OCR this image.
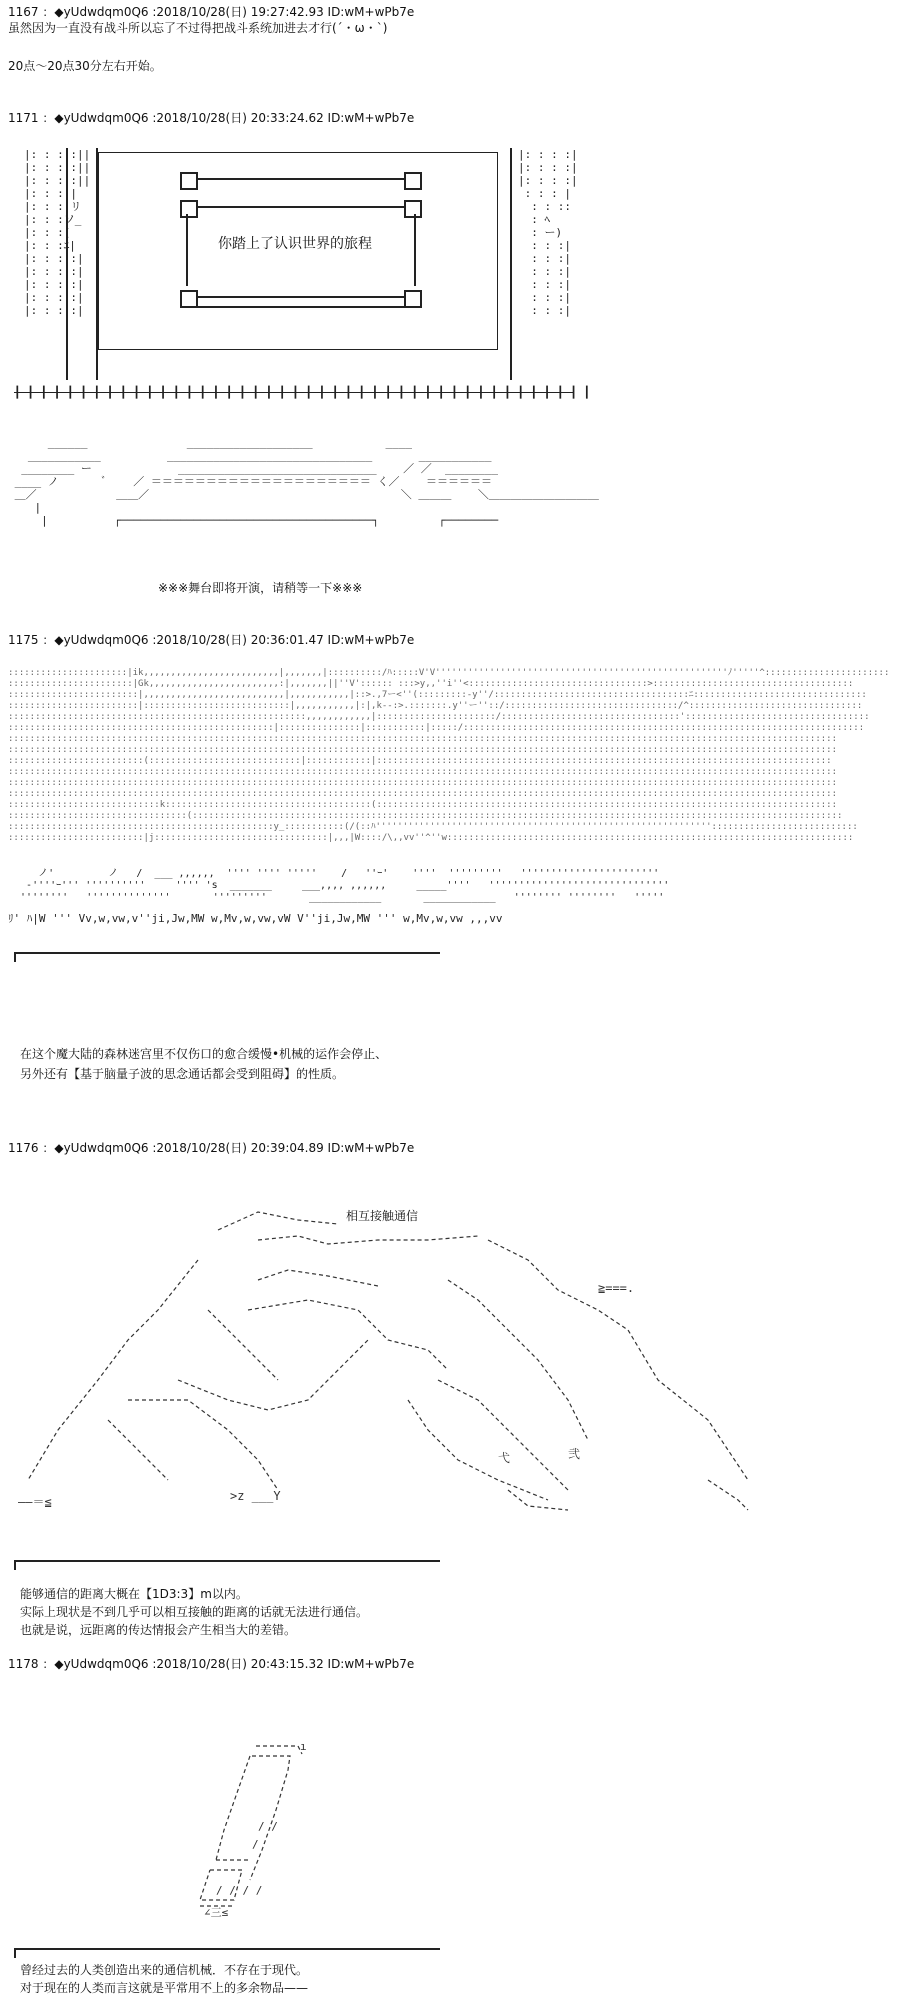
1167 ：◆yUdwdqm0Q6 :2018/10/28(日) 19:27:42.93 ID:wM+wPb7e
虽然因为一直没有战斗所以忘了不过得把战斗系统加进去才行(´・ω・`)
20点～20点30分左右开始。
1171 ：◆yUdwdqm0Q6 :2018/10/28(日) 20:33:24.62 ID:wM+wPb7e
|: : : :||
|: : : :||
|: : : :||
|: : :||
|: : ::リ
|: : :ソ_
|: : :(
|: : :ﾆ|
|: : : :|
|: : : :|
|: : : :|
|: : : :|
|: : : :|
|: : : :|
|: : : :|
|: : : :|
: : : |
: : ::
: ﾍ
: ー)
: : :|
: : :|
: : :|
: : :|
: : :|
: : :|
你踏上了认识世界的旅程
┃ ┃ ┃ ┃ ┃ ┃ ┃ ┃ ┃ ┃ ┃ ┃ ┃ ┃ ┃ ┃ ┃ ┃ ┃ ┃ ┃ ┃ ┃ ┃ ┃ ┃ ┃ ┃ ┃ ┃ ┃ ┃ ┃ ┃ ┃ ┃ ┃ ┃ ┃ ┃ ┃ ┃ ┃ ┃
______               ___________________           ____
___________          _______________________________       ___________
________ ー             ______________________________    ／ ／  ________
____ ノ       ﾞ    ／ ＝＝＝＝＝＝＝＝＝＝＝＝＝＝＝＝＝＝＝＝ く／    ＝＝＝＝＝＝
＿／            ＿＿／                                      ＼ ＿＿＿    ＼＿＿＿＿＿＿＿＿＿＿
|
|          ┌──────────────────────────────────────┐         ┌────────
※※※舞台即将开演，请稍等一下※※※
1175 ：◆yUdwdqm0Q6 :2018/10/28(日) 20:36:01.47 ID:wM+wPb7e
::::::::::::::::::::::|ik,,,,,,,,,,,,,,,,,,,,,,,,,|,,,,,,,|::::::::::/ﾊ:::::V'V''''''''''''''''''''''''''''''''''''''''''''''''''''''ﾉ'''''^:::::::::::::::::::::::
:::::::::::::::::::::::|Gk,,,,,,,,,,,,,,,,,,,,,,,,:|,,,,,,,||''V':::::: :::>y,,''i''<:::::::::::::::::::::::::::::::::>:::::::::::::::::::::::::::::::::::::
::::::::::::::::::::::::|,,,,,,,,,,,,,,,,,,,,,,,,,,|,,,,,,,,,,,|::>.,7ー<''(:::::::::-y''/::::::::::::::::::::::::::::::::::::ﾆ::::::::::::::::::::::::::::::::
::::::::::::::::::::::::|:::::::::::::::::::::::::::|,,,,,,,,,,,|:|,k--:>.:::::::.y''ー''::/::::::::::::::::::::::::::::::::/^::::::::::::::::::::::::::::::::
:::::::::::::::::::::::::::::::::::::::::::::::::::::::,,,,,,,,,,,,|::::::::::::::::::::::/:::::::::::::::::::::::::::::::::'::::::::::::::::::::::::::::::::::
:::::::::::::::::::::::::::::::::::::::::::::::::|:::::::::::::::|:::::::::::|:::::/::::::::::::::::::::::::::::::::::::::::::::::::::::::::::::::::::::::::::
:::::::::::::::::::::::::::::::::::::::::::::::::::::::::::::::::::::::::::::::::::::::::::::::::::::::::::::::::::::::::::::::::::::::::::::::::::::::::
:::::::::::::::::::::::::::::::::::::::::::::::::::::::::::::::::::::::::::::::::::::::::::::::::::::::::::::::::::::::::::::::::::::::::::::::::::::::::
:::::::::::::::::::::::::(::::::::::::::::::::::::::::|::::::::::::|::::::::::::::::::::::::::::::::::::::::::::::::::::::::::::::::::::::::::::::::::::
:::::::::::::::::::::::::::::::::::::::::::::::::::::::::::::::::::::::::::::::::::::::::::::::::::::::::::::::::::::::::::::::::::::::::::::::::::::::::
:::::::::::::::::::::::::::::::::::::::::::::::::::::::::::::::::::::::::::::::::::::::::::::::::::::::::::::::::::::::::::::::::::::::::::::::::::::::::
:::::::::::::::::::::::::::::::::::::::::::::::::::::::::::::::::::::::::::::::::::::::::::::::::::::::::::::::::::::::::::::::::::::::::::::::::::::::::
::::::::::::::::::::::::::::k::::::::::::::::::::::::::::::::::::::(:::::::::::::::::::::::::::::::::::::::::::::::::::::::::::::::::::::::::::::::::::::
:::::::::::::::::::::::::::::::::(::::::::::::::::::::::::::::::::::::::::::::::::::::::::::::::::::::::::::::::::::::::::::::::::::::::::::::::::::::::::
:::::::::::::::::::::::::::::::::::::::::::::::::y_:::::::::::(/(::ﾊ'''''''''''''''''''''''''''''''''''''''''''''''''''''''''''''':::::::::::::::::::::::::::
:::::::::::::::::::::::::|j::::::::::::::::::::::::::::::::|,,,|W::::/\,,vv''^''w:::::::::::::::::::::::::::::::::::::::::::::::::::::::::::::::::::::::::::
ノ'         ノ   /  ___ ,,,,,,  '''' '''' '''''    /   ''ｰ'    ''''  '''''''''   '''''''''''''''''''''''
‐''''ｰ''' ''''''''''     '''' 's  _______     ___,,,, ,,,,,,     _____''''   ''''''''''''''''''''''''''''''
''''''''   ''''''''''''''       '''''''''       ____________       ____________   '''''''' ''''''''   '''''
ﾘ' ﾊ|W ''' Vv,w,vw,v''ji,Jw,MW w,Mv,w,vw,vW V''ji,Jw,MW ''' w,Mv,w,vw ,,,vv
在这个魔大陆的森林迷宫里不仅伤口的愈合缓慢•机械的运作会停止、
另外还有【基于脑量子波的思念通话都会受到阻碍】的性质。
1176 ：◆yUdwdqm0Q6 :2018/10/28(日) 20:39:04.89 ID:wM+wPb7e
相互接触通信
――＝≦	>z ___Y
≧===.
弋	弐
能够通信的距离大概在【1D3:3】m以内。
实际上现状是不到几乎可以相互接触的距离的话就无法进行通信。
也就是说，远距离的传达情报会产生相当大的差错。
1178 ：◆yUdwdqm0Q6 :2018/10/28(日) 20:43:15.32 ID:wM+wPb7e
ı
/ /
/
/ / / /
∠三≤
曾经过去的人类创造出来的通信机械．不存在于现代。
对于现在的人类而言这就是平常用不上的多余物品——
